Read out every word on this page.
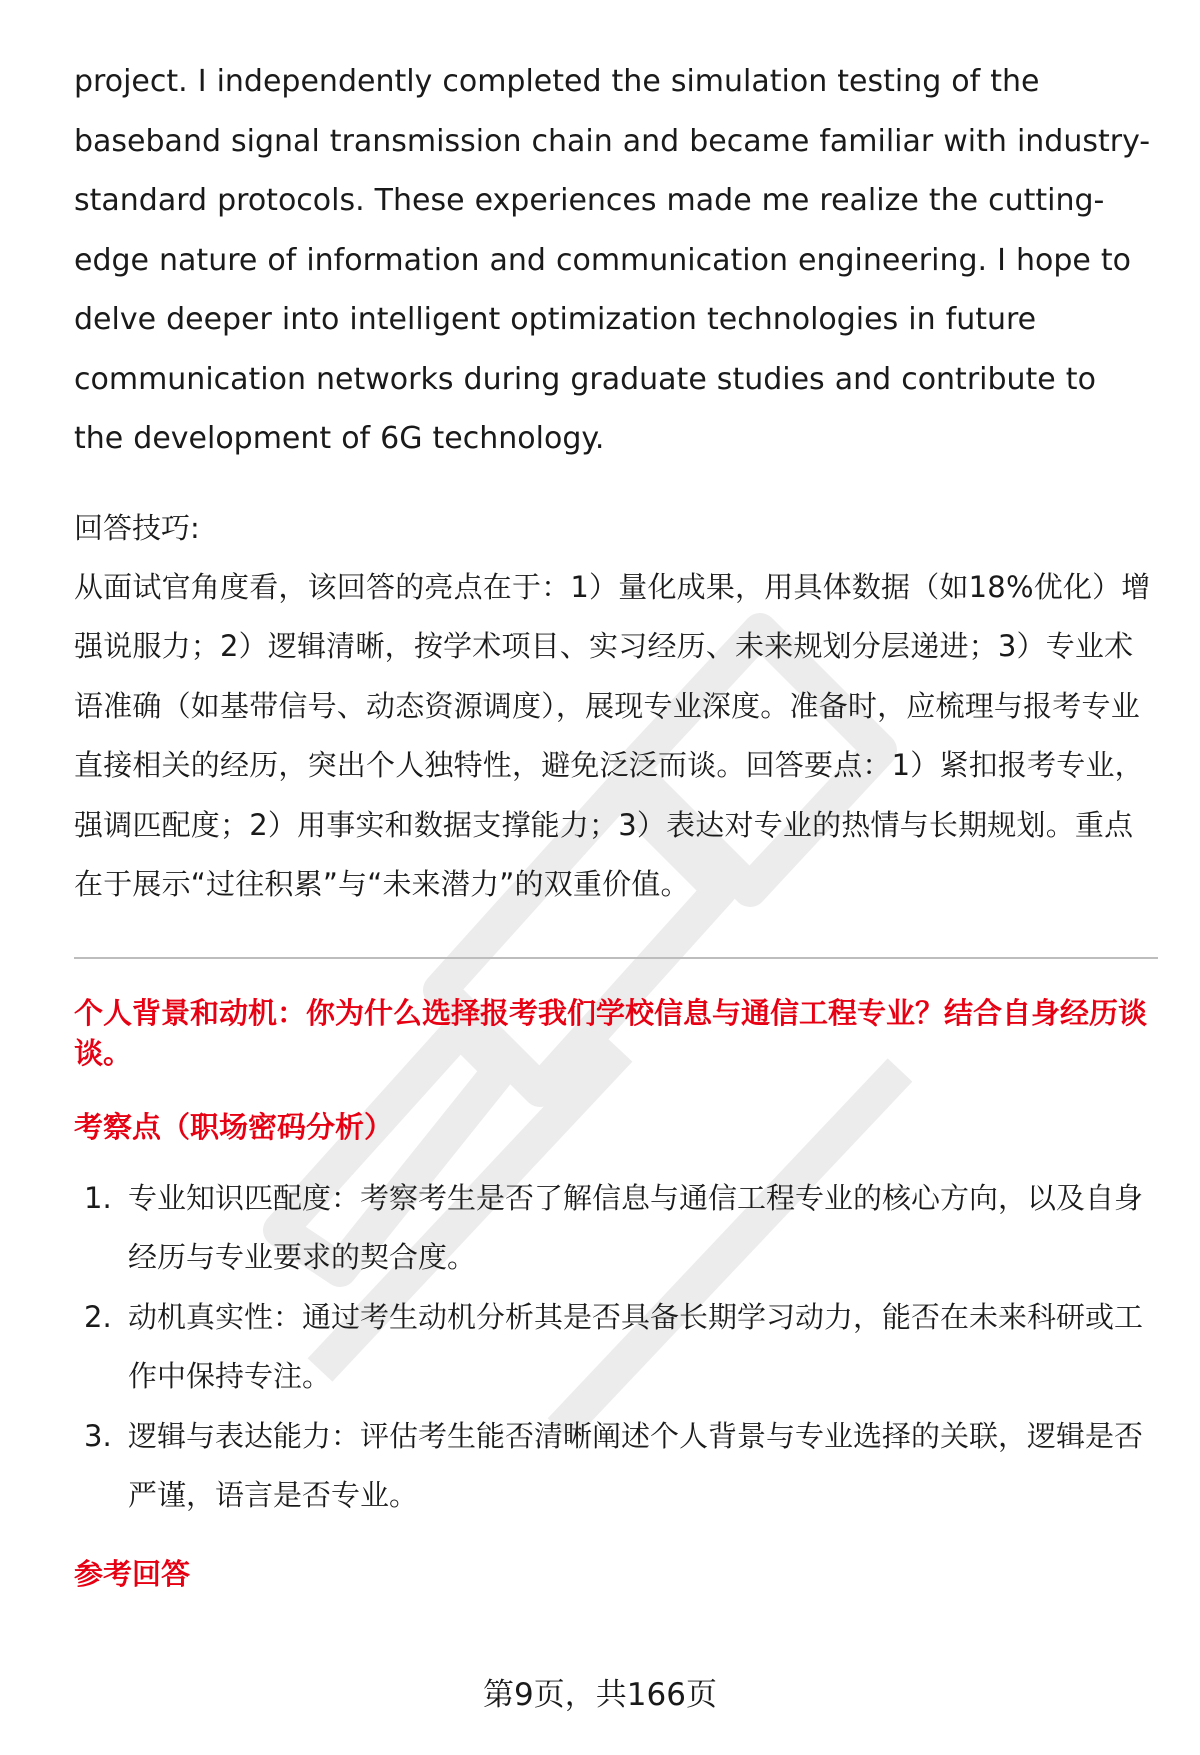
project. I independently completed the simulation testing of the baseband signal transmission chain and became familiar with industry-standard protocols. These experiences made me realize the cutting-edge nature of information and communication engineering. I hope to delve deeper into intelligent optimization technologies in future communication networks during graduate studies and contribute to the development of 6G technology.

回答技巧:

从面试官角度看，该回答的亮点在于：1）量化成果，用具体数据（如18%优化）增强说服力；2）逻辑清晰，按学术项目、实习经历、未来规划分层递进；3）专业术语准确（如基带信号、动态资源调度），展现专业深度。准备时，应梳理与报考专业直接相关的经历，突出个人独特性，避免泛泛而谈。回答要点：1）紧扣报考专业，强调匹配度；2）用事实和数据支撑能力；3）表达对专业的热情与长期规划。重点在于展示“过往积累”与“未来潜力”的双重价值。

个人背景和动机：你为什么选择报考我们学校信息与通信工程专业？结合自身经历谈谈。

考察点（职场密码分析）

1. 专业知识匹配度：考察考生是否了解信息与通信工程专业的核心方向，以及自身经历与专业要求的契合度。
2. 动机真实性：通过考生动机分析其是否具备长期学习动力，能否在未来科研或工作中保持专注。
3. 逻辑与表达能力：评估考生能否清晰阐述个人背景与专业选择的关联，逻辑是否严谨，语言是否专业。

参考回答

第9页，共166页
